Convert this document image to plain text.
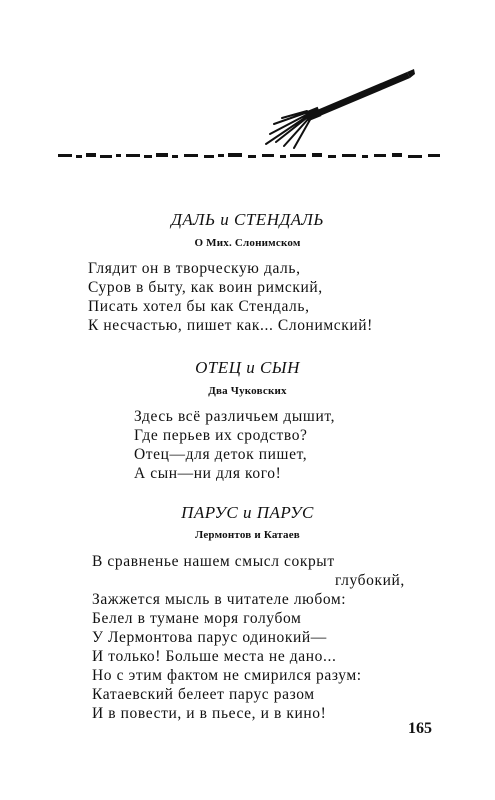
ДАЛЬ и СТЕНДАЛЬ
О Мих. Слонимском
Глядит он в творческую даль,
Суров в быту, как воин римский,
Писать хотел бы как Стендаль,
К несчастью, пишет как... Слонимский!
ОТЕЦ и СЫН
Два Чуковских
Здесь всё различьем дышит,
Где перьев их сродство?
Отец—для деток пишет,
А сын—ни для кого!
ПАРУС и ПАРУС
Лермонтов и Катаев
В сравненье нашем смысл сокрыт
глубокий,
Зажжется мысль в читателе любом:
Белел в тумане моря голубом
У Лермонтова парус одинокий—
И только! Больше места не дано...
Но с этим фактом не смирился разум:
Катаевский белеет парус разом
И в повести, и в пьесе, и в кино!
165
